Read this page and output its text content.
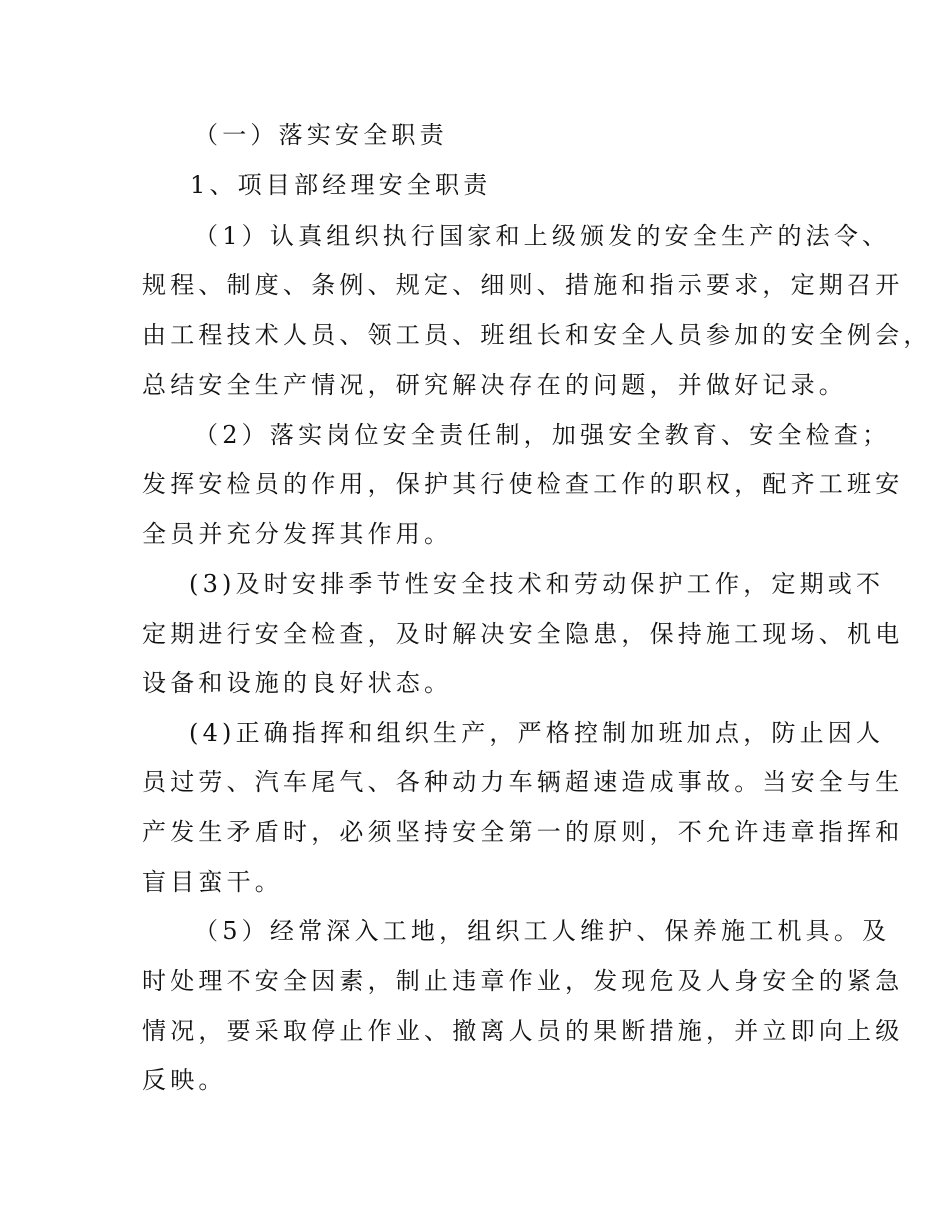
（一）落实安全职责
1、项目部经理安全职责
（1）认真组织执行国家和上级颁发的安全生产的法令、
规程、制度、条例、规定、细则、措施和指示要求，定期召开
由工程技术人员、领工员、班组长和安全人员参加的安全例会，
总结安全生产情况，研究解决存在的问题，并做好记录。
（2）落实岗位安全责任制，加强安全教育、安全检查；
发挥安检员的作用，保护其行使检查工作的职权，配齐工班安
全员并充分发挥其作用。
(3)及时安排季节性安全技术和劳动保护工作，定期或不
定期进行安全检查，及时解决安全隐患，保持施工现场、机电
设备和设施的良好状态。
(4)正确指挥和组织生产，严格控制加班加点，防止因人
员过劳、汽车尾气、各种动力车辆超速造成事故。当安全与生
产发生矛盾时，必须坚持安全第一的原则，不允许违章指挥和
盲目蛮干。
（5）经常深入工地，组织工人维护、保养施工机具。及
时处理不安全因素，制止违章作业，发现危及人身安全的紧急
情况，要采取停止作业、撤离人员的果断措施，并立即向上级
反映。
